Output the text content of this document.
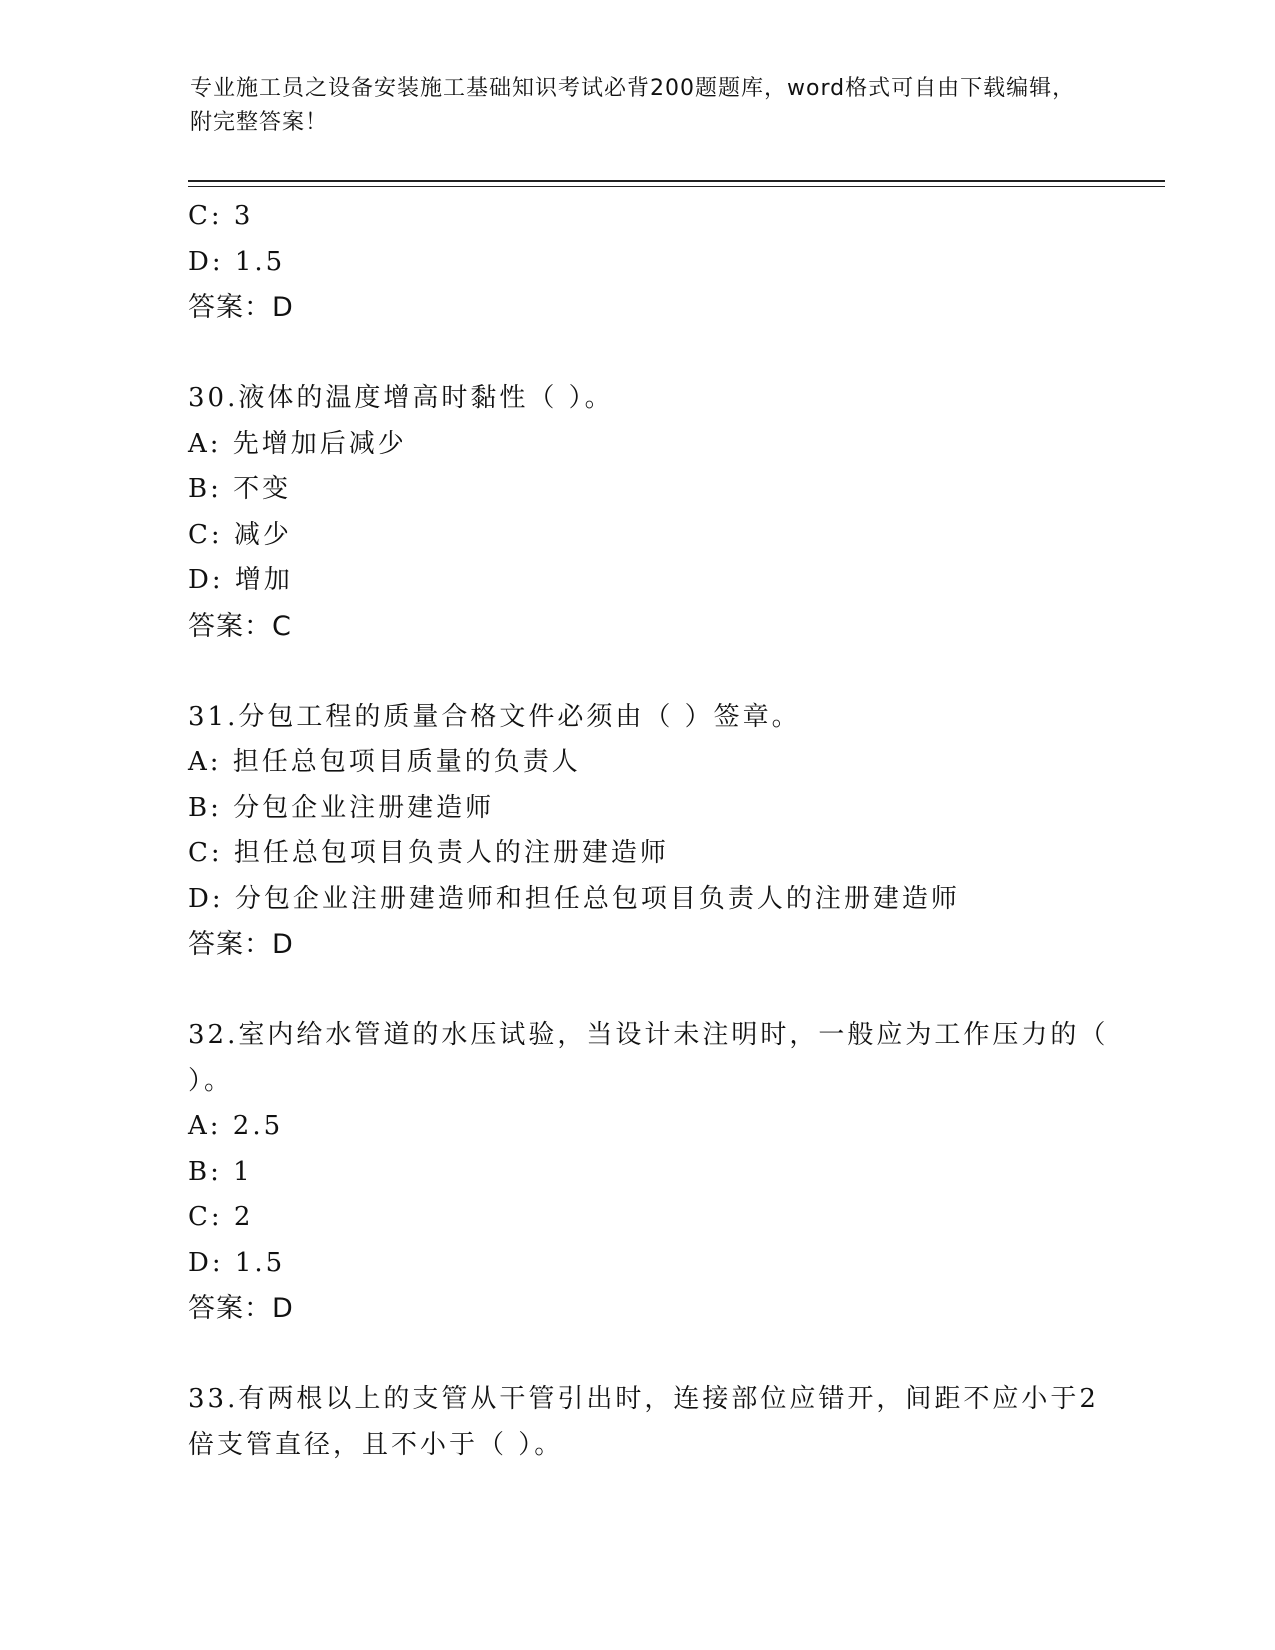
专业施工员之设备安装施工基础知识考试必背200题题库，word格式可自由下载编辑，附完整答案！
C: 3
D: 1.5
答案：D
30.液体的温度增高时黏性（ ）。
A: 先增加后减少
B: 不变
C: 减少
D: 增加
答案：C
31.分包工程的质量合格文件必须由（ ）签章。
A: 担任总包项目质量的负责人
B: 分包企业注册建造师
C: 担任总包项目负责人的注册建造师
D: 分包企业注册建造师和担任总包项目负责人的注册建造师
答案：D
32.室内给水管道的水压试验，当设计未注明时，一般应为工作压力的（ ）。
A: 2.5
B: 1
C: 2
D: 1.5
答案：D
33.有两根以上的支管从干管引出时，连接部位应错开，间距不应小于2倍支管直径，且不小于（ ）。
